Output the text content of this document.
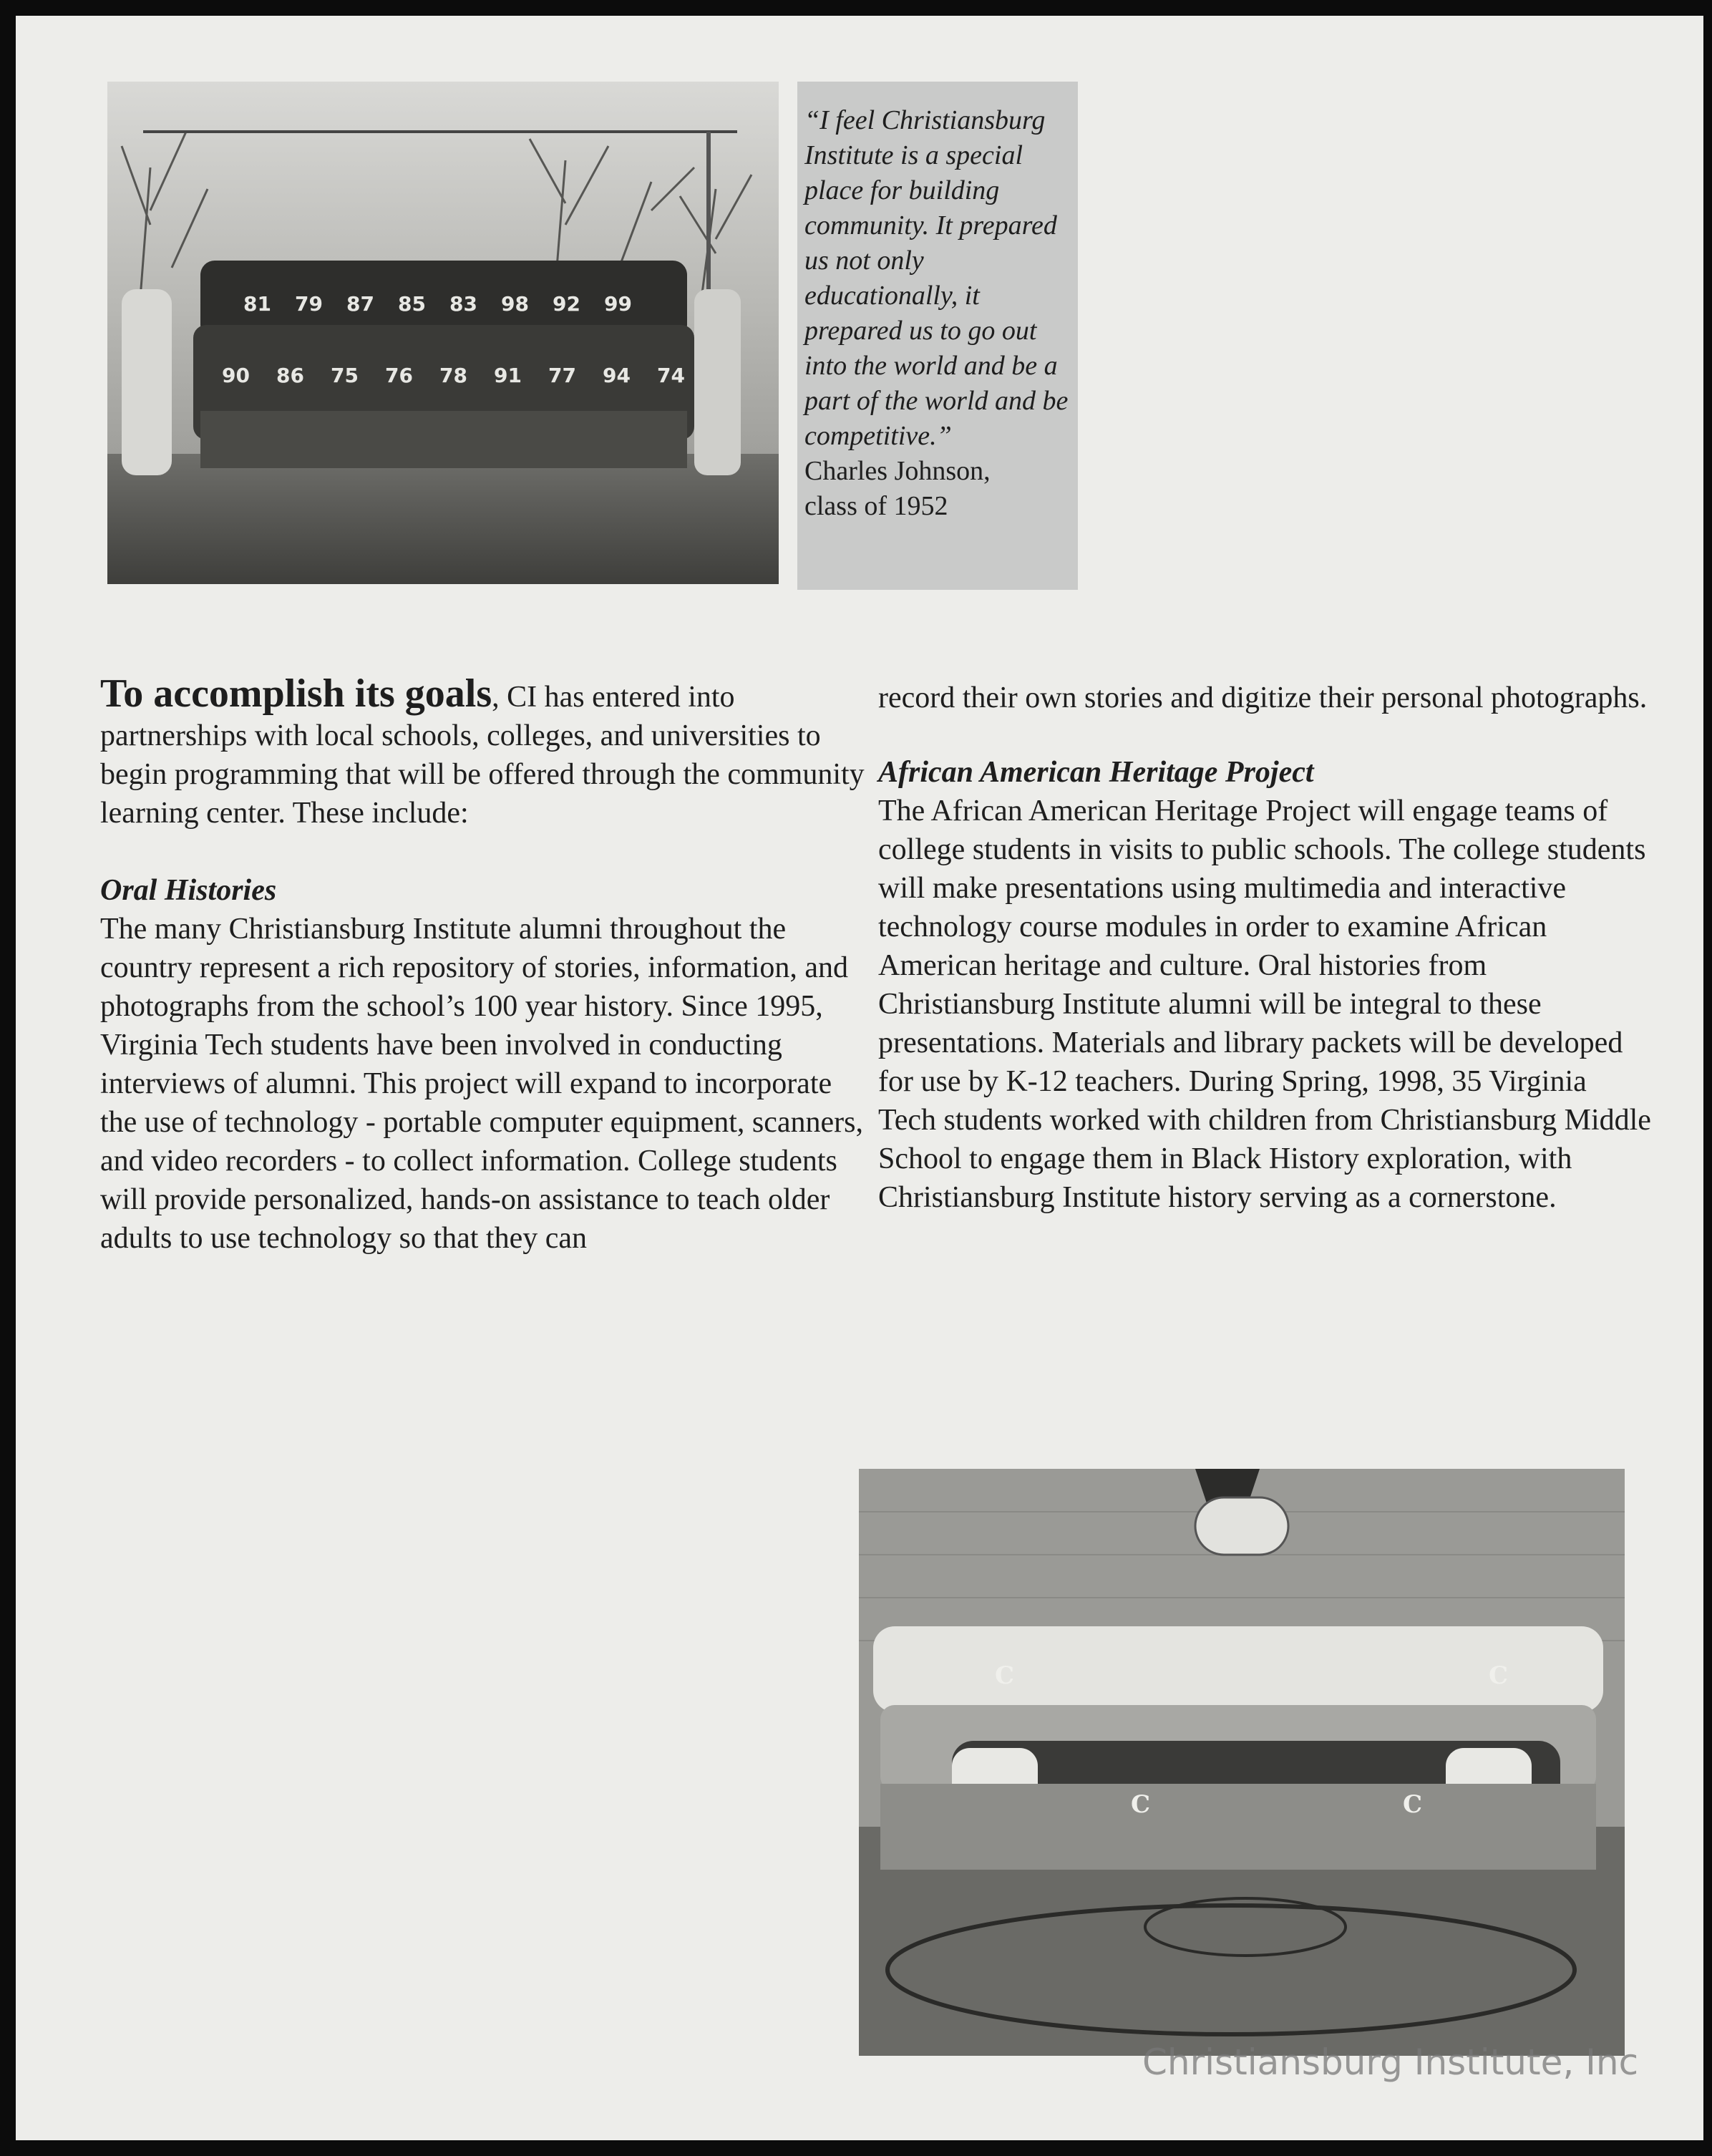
81 79 87 85 83 98 92 99
90 86 75 76 78 91 77 94 74
“I feel Christiansburg Institute is a special place for building community. It prepared us not only educationally, it prepared us to go out into the world and be a part of the world and be competitive.”
Charles Johnson,
class of 1952

To accomplish its goals, CI has entered into partnerships with local schools, colleges, and universities to begin programming that will be offered through the community learning center. These include:

Oral Histories

The many Christiansburg Institute alumni throughout the country represent a rich repository of stories, information, and photographs from the school’s 100 year history. Since 1995, Virginia Tech students have been involved in conducting interviews of alumni. This project will expand to incorporate the use of technology - portable computer equipment, scanners, and video recorders - to collect information. College students will provide personalized, hands-on assistance to teach older adults to use technology so that they can

record their own stories and digitize their personal photographs.

African American Heritage Project

The African American Heritage Project will engage teams of college students in visits to public schools. The college students will make presentations using multimedia and interactive technology course modules in order to examine African American heritage and culture. Oral histories from Christiansburg Institute alumni will be integral to these presentations. Materials and library packets will be developed for use by K-12 teachers. During Spring, 1998, 35 Virginia Tech students worked with children from Christiansburg Middle School to engage them in Black History exploration, with Christiansburg Institute history serving as a cornerstone.

C	C
C	C
Christiansburg Institute, Inc
